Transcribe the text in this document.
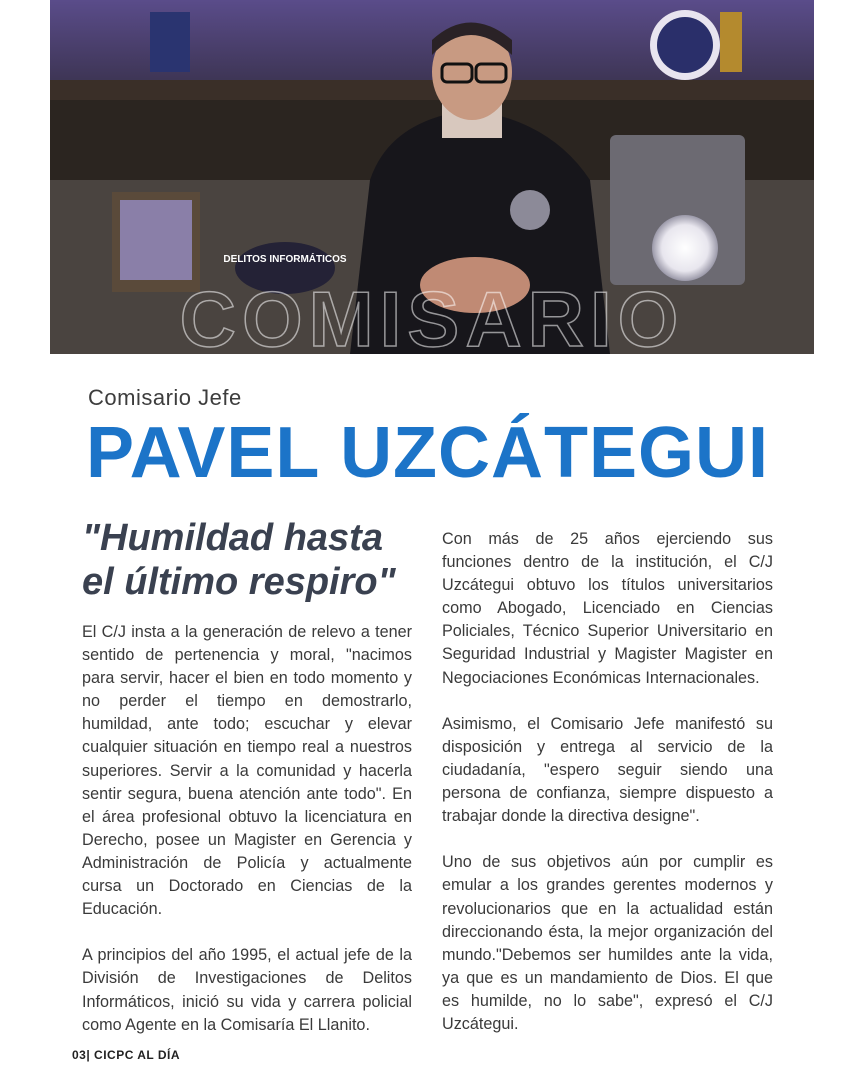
DELITOS INFORMÁTICOS
COMISARIO
Comisario Jefe
PAVEL UZCÁTEGUI
"Humildad hasta el último respiro"

El C/J insta a la generación de relevo a tener sentido de pertenencia y moral, "nacimos para servir, hacer el bien en todo momento y no perder el tiempo en demostrarlo, humildad, ante todo; escuchar y elevar cualquier situación en tiempo real a nuestros superiores. Servir a la comunidad y hacerla sentir segura, buena atención ante todo". En el área profesional obtuvo la licenciatura en Derecho, posee un Magister en Gerencia y Administración de Policía y actualmente cursa un Doctorado en Ciencias de la Educación.

A principios del año 1995, el actual jefe de la División de Investigaciones de Delitos Informáticos, inició su vida y carrera policial como Agente en la Comisaría El Llanito.

Con más de 25 años ejerciendo sus funciones dentro de la institución, el C/J Uzcátegui obtuvo los títulos universitarios como Abogado, Licenciado en Ciencias Policiales, Técnico Superior Universitario en Seguridad Industrial y Magister Magister en Negociaciones Económicas Internacionales.

Asimismo, el Comisario Jefe manifestó su disposición y entrega al servicio de la ciudadanía, "espero seguir siendo una persona de confianza, siempre dispuesto a trabajar donde la directiva designe".

Uno de sus objetivos aún por cumplir es emular a los grandes gerentes modernos y revolucionarios que en la actualidad están direccionando ésta, la mejor organización del mundo."Debemos ser humildes ante la vida, ya que es un mandamiento de Dios. El que es humilde, no lo sabe", expresó el C/J Uzcátegui.

03| CICPC AL DÍA
